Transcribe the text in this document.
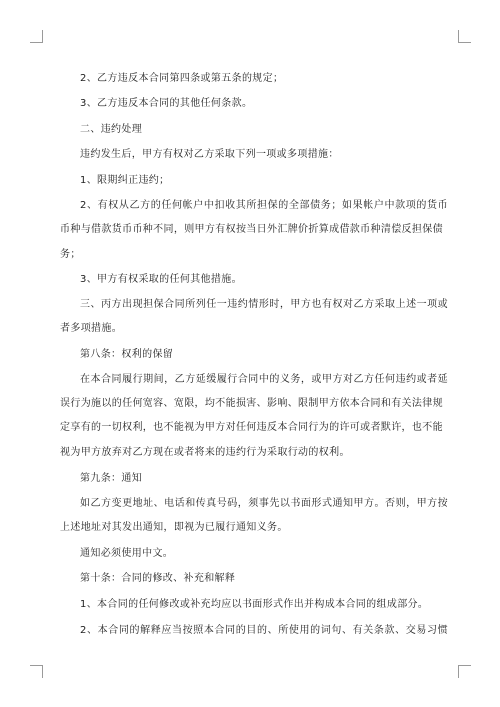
2、乙方违反本合同第四条或第五条的规定；
3、乙方违反本合同的其他任何条款。
二、违约处理
违约发生后，甲方有权对乙方采取下列一项或多项措施：
1、限期纠正违约；
2、有权从乙方的任何帐户中扣收其所担保的全部债务；如果帐户中款项的货币
币种与借款货币币种不同，则甲方有权按当日外汇牌价折算成借款币种清偿反担保债
务；
3、甲方有权采取的任何其他措施。
三、丙方出现担保合同所列任一违约情形时，甲方也有权对乙方采取上述一项或
者多项措施。
第八条：权利的保留
在本合同履行期间，乙方延缓履行合同中的义务，或甲方对乙方任何违约或者延
误行为施以的任何宽容、宽限，均不能损害、影响、限制甲方依本合同和有关法律规
定享有的一切权利，也不能视为甲方对任何违反本合同行为的许可或者默许，也不能
视为甲方放弃对乙方现在或者将来的违约行为采取行动的权利。
第九条：通知
如乙方变更地址、电话和传真号码，须事先以书面形式通知甲方。否则，甲方按
上述地址对其发出通知，即视为已履行通知义务。
通知必须使用中文。
第十条：合同的修改、补充和解释
1、本合同的任何修改或补充均应以书面形式作出并构成本合同的组成部分。
2、本合同的解释应当按照本合同的目的、所使用的词句、有关条款、交易习惯
